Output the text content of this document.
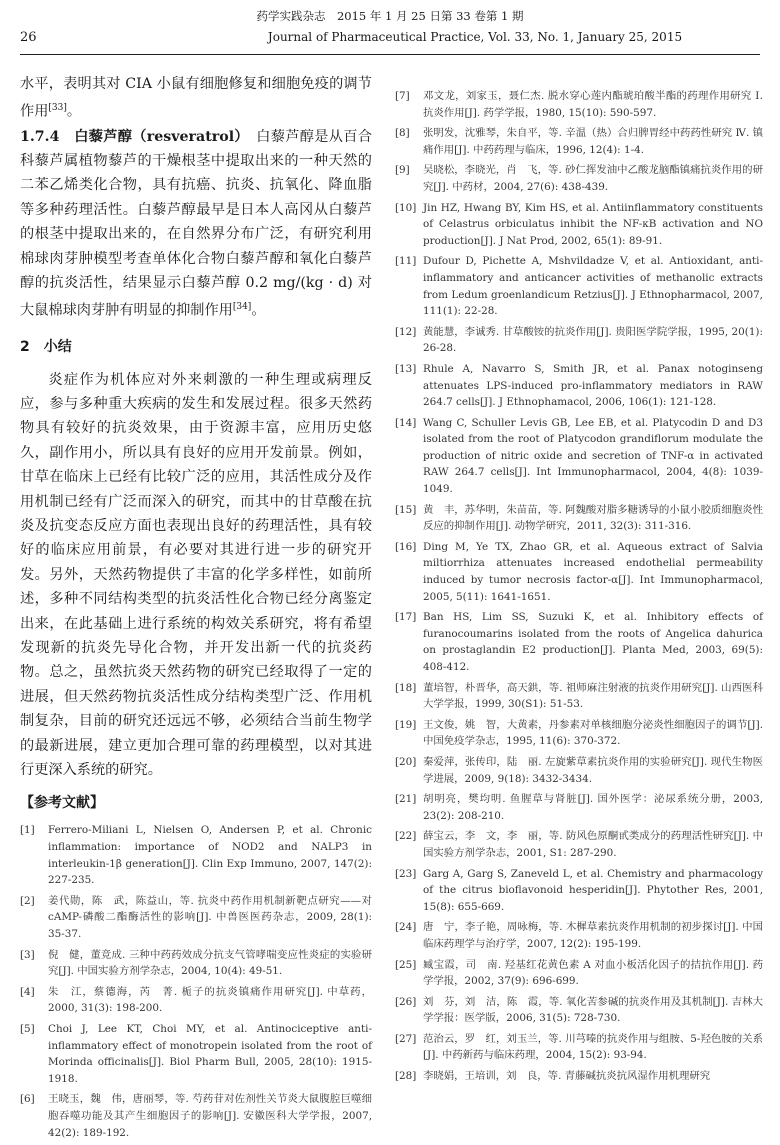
药学实践杂志　2015 年 1 月 25 日第 33 卷第 1 期
26	Journal of Pharmaceutical Practice, Vol. 33, No. 1, January 25, 2015

水平，表明其对 CIA 小鼠有细胞修复和细胞免疫的调节作用[33]。

1.7.4　白藜芦醇（resveratrol）　白藜芦醇是从百合科藜芦属植物藜芦的干燥根茎中提取出来的一种天然的二苯乙烯类化合物，具有抗癌、抗炎、抗氧化、降血脂等多种药理活性。白藜芦醇最早是日本人高冈从白藜芦的根茎中提取出来的，在自然界分布广泛，有研究利用棉球肉芽肿模型考查单体化合物白藜芦醇和氧化白藜芦醇的抗炎活性，结果显示白藜芦醇 0.2 mg/(kg · d) 对大鼠棉球肉芽肿有明显的抑制作用[34]。

2　小结

炎症作为机体应对外来刺激的一种生理或病理反应，参与多种重大疾病的发生和发展过程。很多天然药物具有较好的抗炎效果，由于资源丰富，应用历史悠久，副作用小，所以具有良好的应用开发前景。例如，甘草在临床上已经有比较广泛的应用，其活性成分及作用机制已经有广泛而深入的研究，而其中的甘草酸在抗炎及抗变态反应方面也表现出良好的药理活性，具有较好的临床应用前景，有必要对其进行进一步的研究开发。另外，天然药物提供了丰富的化学多样性，如前所述，多种不同结构类型的抗炎活性化合物已经分离鉴定出来，在此基础上进行系统的构效关系研究，将有希望发现新的抗炎先导化合物，并开发出新一代的抗炎药物。总之，虽然抗炎天然药物的研究已经取得了一定的进展，但天然药物抗炎活性成分结构类型广泛、作用机制复杂，目前的研究还远远不够，必须结合当前生物学的最新进展，建立更加合理可靠的药理模型，以对其进行更深入系统的研究。

【参考文献】
[1]	Ferrero-Miliani L, Nielsen O, Andersen P, et al. Chronic inflammation: importance of NOD2 and NALP3 in interleukin-1β generation[J]. Clin Exp Immuno, 2007, 147(2): 227-235.
[2]	姜代勋，陈　武，陈益山，等. 抗炎中药作用机制新靶点研究——对 cAMP-磷酸二酯酶活性的影响[J]. 中兽医医药杂志，2009, 28(1): 35-37.
[3]	倪　健，董竞成. 三种中药药效成分抗支气管哮喘变应性炎症的实验研究[J]. 中国实验方剂学杂志，2004, 10(4): 49-51.
[4]	朱　江，蔡德海，芮　菁. 栀子的抗炎镇痛作用研究[J]. 中草药，2000, 31(3): 198-200.
[5]	Choi J, Lee KT, Choi MY, et al. Antinociceptive anti-inflammatory effect of monotropein isolated from the root of Morinda officinalis[J]. Biol Pharm Bull, 2005, 28(10): 1915-1918.
[6]	王晓玉，魏　伟，唐丽琴，等. 芍药苷对佐剂性关节炎大鼠腹腔巨噬细胞吞噬功能及其产生细胞因子的影响[J]. 安徽医科大学学报，2007, 42(2): 189-192.
[7]	邓文龙，刘家玉，聂仁杰. 脱水穿心莲内酯琥珀酸半酯的药理作用研究 Ⅰ. 抗炎作用[J]. 药学学报，1980, 15(10): 590-597.
[8]	张明发，沈雅琴，朱自平，等. 辛温（热）合归脾胃经中药药性研究 Ⅳ. 镇痛作用[J]. 中药药理与临床，1996, 12(4): 1-4.
[9]	吴晓松，李晓光，肖　飞，等. 砂仁挥发油中乙酸龙脑酯镇痛抗炎作用的研究[J]. 中药材，2004, 27(6): 438-439.
[10] Jin HZ, Hwang BY, Kim HS, et al. Antiinflammatory constituents of Celastrus orbiculatus inhibit the NF-κB activation and NO production[J]. J Nat Prod, 2002, 65(1): 89-91.
[11] Dufour D, Pichette A, Mshvildadze V, et al. Antioxidant, anti-inflammatory and anticancer activities of methanolic extracts from Ledum groenlandicum Retzius[J]. J Ethnopharmacol, 2007, 111(1): 22-28.
[12] 黄能慧，李诚秀. 甘草酸铵的抗炎作用[J]. 贵阳医学院学报，1995, 20(1): 26-28.
[13] Rhule A, Navarro S, Smith JR, et al. Panax notoginseng attenuates LPS-induced pro-inflammatory mediators in RAW 264.7 cells[J]. J Ethnophamacol, 2006, 106(1): 121-128.
[14] Wang C, Schuller Levis GB, Lee EB, et al. Platycodin D and D3 isolated from the root of Platycodon grandiflorum modulate the production of nitric oxide and secretion of TNF-α in activated RAW 264.7 cells[J]. Int Immunopharmacol, 2004, 4(8): 1039-1049.
[15] 黄　丰，苏华明，朱苗苗，等. 阿魏酸对脂多糖诱导的小鼠小胶质细胞炎性反应的抑制作用[J]. 动物学研究，2011, 32(3): 311-316.
[16] Ding M, Ye TX, Zhao GR, et al. Aqueous extract of Salvia miltiorrhiza attenuates increased endothelial permeability induced by tumor necrosis factor-α[J]. Int Immunopharmacol, 2005, 5(11): 1641-1651.
[17] Ban HS, Lim SS, Suzuki K, et al. Inhibitory effects of furanocoumarins isolated from the roots of Angelica dahurica on prostaglandin E2 production[J]. Planta Med, 2003, 69(5): 408-412.
[18] 董培智，朴晋华，高天鉷，等. 祖师麻注射液的抗炎作用研究[J]. 山西医科大学学报，1999, 30(S1): 51-53.
[19] 王文俊，姚　智，大黄素，丹参素对单核细胞分泌炎性细胞因子的调节[J]. 中国免疫学杂志，1995, 11(6): 370-372.
[20] 秦爱萍，张传印，陆　丽. 左旋紫草素抗炎作用的实验研究[J]. 现代生物医学进展，2009, 9(18): 3432-3434.
[21] 胡明亮，樊均明. 鱼腥草与肾脏[J]. 国外医学：泌尿系统分册，2003, 23(2): 208-210.
[22] 薛宝云，李　文，李　丽，等. 防风色原酮甙类成分的药理活性研究[J]. 中国实验方剂学杂志，2001, S1: 287-290.
[23] Garg A, Garg S, Zaneveld L, et al. Chemistry and pharmacology of the citrus bioflavonoid hesperidin[J]. Phytother Res, 2001, 15(8): 655-669.
[24] 唐　宁，李子艳，周咏梅，等. 木樨草素抗炎作用机制的初步探讨[J]. 中国临床药理学与治疗学，2007, 12(2): 195-199.
[25] 臧宝霞，司　南. 羟基红花黄色素 A 对血小板活化因子的拮抗作用[J]. 药学学报，2002, 37(9): 696-699.
[26] 刘　芬，刘　洁，陈　霞，等. 氧化苦参碱的抗炎作用及其机制[J]. 吉林大学学报：医学版，2006, 31(5): 728-730.
[27] 范治云，罗　红，刘玉兰，等. 川芎嗪的抗炎作用与组胺、5-羟色胺的关系[J]. 中药新药与临床药理，2004, 15(2): 93-94.
[28] 李晓娟，王培训，刘　良，等. 青藤碱抗炎抗风湿作用机理研究
